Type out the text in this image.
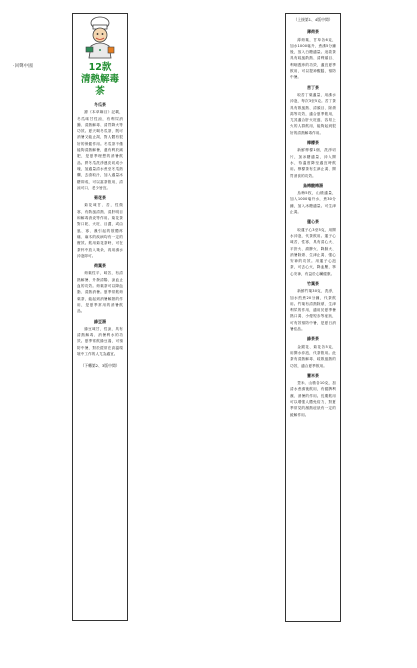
·回聲中國	12款
清熱解毒茶
冬瓜茶

據《本草綱目》記載，冬瓜味甘性涼，有利尿消腫、清熱解毒、清胃降火等功效。夏天喝冬瓜茶，既可消暑又能止渴，對人體有很好的保健作用。冬瓜茶不僅能夠清熱解暑，還有利於減肥，是夏季理想的消暑飲品。將冬瓜洗淨連皮切成小塊，加適量清水煮至冬瓜熟爛，去渣取汁，加入適量冰糖即成，可以當茶飲用，清涼可口，老少皆宜。

菊花茶

菊花味甘、苦，性微寒，有散風清熱、清肝明目和解毒消炎等作用。菊花茶對口乾、火旺、目澀，或由風、寒、濕引起的肢體疼痛、麻木的疾病均有一定的療效。飲用菊花茶時，可在茶杯中放入幾朵，再用沸水沖泡即可。

荷葉茶

荷葉性平，味苦，有清熱解暑、升發清陽、涼血止血的功效。荷葉茶可以降血脂、清熱消暑。夏季常飲荷葉茶，能起到消暑解熱的作用，是夏季常用的消暑飲品。

綠豆湯

綠豆味甘，性涼，具有清熱解毒、消暑利水的功效。夏季常飲綠豆湯，可預防中暑，對於經常在高溫環境中工作的人尤為適宜。

（下轉第2、3版中間）
（上接第1、4版中間）
薄荷茶

薄荷葉，甘草各6克，加水1000毫升，煮沸5分鐘後，放入白糖適量。這款茶具有疏風散熱、清利頭目、利咽透疹的功效，適宜夏季飲用，可以提神醒腦，預防中暑。

苦丁茶

取苦丁葉適量，用沸水沖泡，每次3至5克。苦丁茶具有散風熱、清頭目、除煩渴等功效，適合夏季飲用，尤其適合肝火旺盛、容易上火的人群飲用，能夠起到很好的清熱解毒作用。

檸檬茶

新鮮檸檬1個，洗淨切片，加冰糖適量，沖入開水，待溫度降至適宜時飲用。檸檬茶有生津止渴、開胃消食的功效。

烏梅酸梅湯

烏梅5枚，山楂適量，加入1000毫升水，煮30分鐘，加入冰糖適量。可生津止渴。

蓮心茶

取蓮子心3至5克，用開水沖泡，代茶飲用。蓮子心味苦，性寒，具有清心火、平肝火、瀉脾火、降肺火、消暑除煩、生津止渴、強心安神的功效。用蓮子心泡茶，可去心火，降血壓，寧心安神，有益於心臟健康。

竹葉茶

新鮮竹葉30克，洗淨，加水煎煮20分鐘，代茶飲用。竹葉有清熱除煩、生津利尿的作用，適用於夏季暑熱口渴、小便短赤等症狀，可有效預防中暑，是夏日消暑佳品。

綠茶茶

金銀花、菊花各5克，用開水沖泡，代茶飲用。此茶有清熱解毒、疏散風熱的功效，適合夏季飲用。

薏米茶

薏米、山楂各10克，加清水煮沸後飲用，有健脾利濕、消暑的作用。長期飲用可以增強人體免疫力，對夏季常見的濕熱症狀有一定的緩解作用。
